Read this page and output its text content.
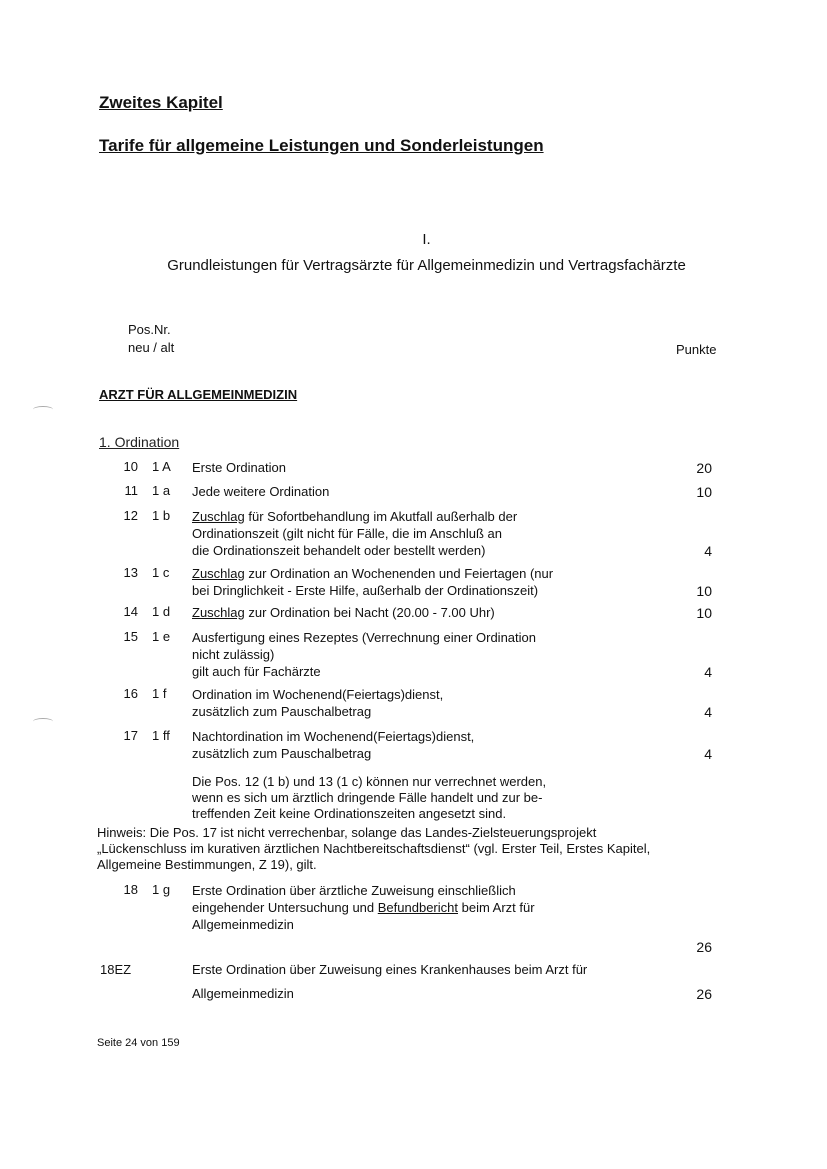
Zweites Kapitel
Tarife für allgemeine Leistungen und Sonderleistungen
I.
Grundleistungen für Vertragsärzte für Allgemeinmedizin und Vertragsfachärzte
Pos.Nr.
neu / alt	Punkte
ARZT FÜR ALLGEMEINMEDIZIN
1. Ordination
10 1 A Erste Ordination	20
11 1 a Jede weitere Ordination	10
12 1 b Zuschlag für Sofortbehandlung im Akutfall außerhalb der
Ordinationszeit (gilt nicht für Fälle, die im Anschluß an
die Ordinationszeit behandelt oder bestellt werden)	4
13 1 c Zuschlag zur Ordination an Wochenenden und Feiertagen (nur
bei Dringlichkeit - Erste Hilfe, außerhalb der Ordinationszeit)	10
14 1 d Zuschlag zur Ordination bei Nacht (20.00 - 7.00 Uhr)	10
15 1 e Ausfertigung eines Rezeptes (Verrechnung einer Ordination
nicht zulässig)
gilt auch für Fachärzte	4
16 1 f Ordination im Wochenend(Feiertags)dienst,
zusätzlich zum Pauschalbetrag	4
17 1 ff Nachtordination im Wochenend(Feiertags)dienst,
zusätzlich zum Pauschalbetrag	4
Die Pos. 12 (1 b) und 13 (1 c) können nur verrechnet werden,
wenn es sich um ärztlich dringende Fälle handelt und zur be-
treffenden Zeit keine Ordinationszeiten angesetzt sind.
Hinweis: Die Pos. 17 ist nicht verrechenbar, solange das Landes-Zielsteuerungsprojekt
„Lückenschluss im kurativen ärztlichen Nachtbereitschaftsdienst“ (vgl. Erster Teil, Erstes Kapitel,
Allgemeine Bestimmungen, Z 19), gilt.
18 1 g Erste Ordination über ärztliche Zuweisung einschließlich
eingehender Untersuchung und Befundbericht beim Arzt für
Allgemeinmedizin
26
18EZ	Erste Ordination über Zuweisung eines Krankenhauses beim Arzt für
Allgemeinmedizin	26
Seite 24 von 159
